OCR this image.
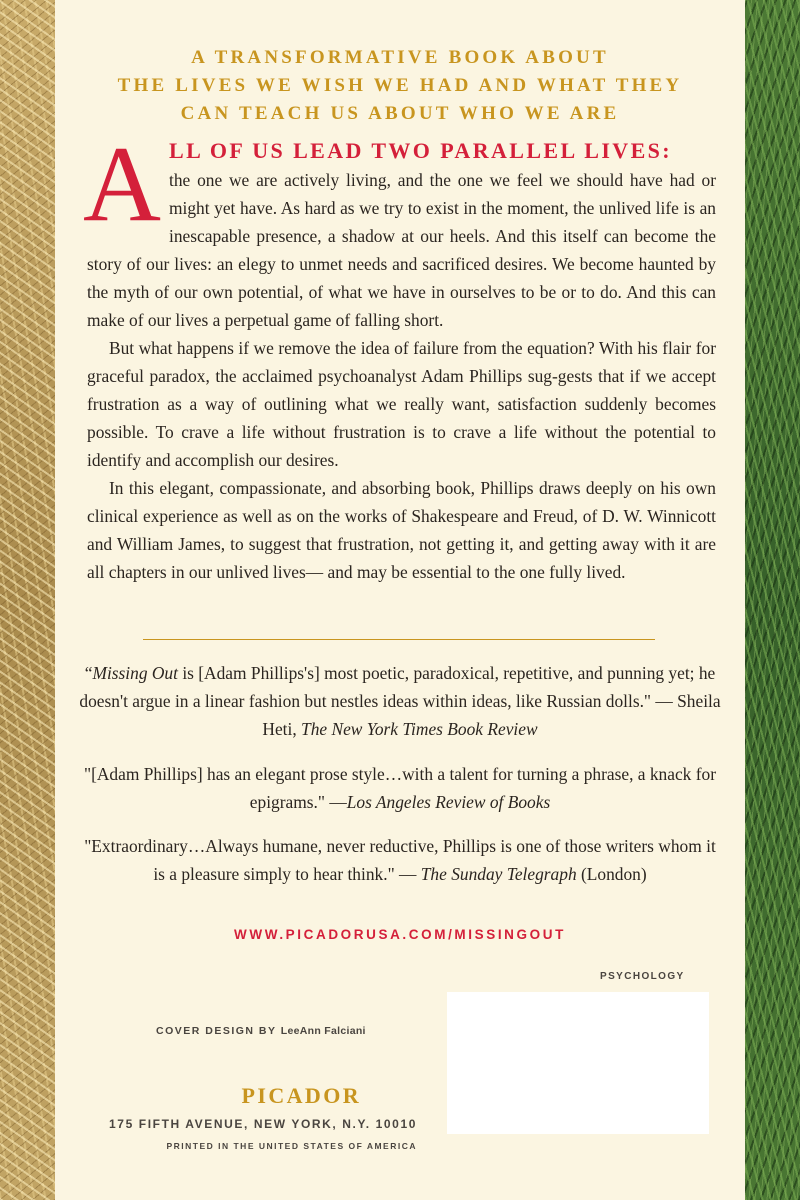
A TRANSFORMATIVE BOOK ABOUT
THE LIVES WE WISH WE HAD AND WHAT THEY
CAN TEACH US ABOUT WHO WE ARE
A LL OF US LEAD TWO PARALLEL LIVES:

the one we are actively living, and the one we feel we should have had or might yet have. As hard as we try to exist in the moment, the unlived life is an inescapable presence, a shadow at our heels. And this itself can become the story of our lives: an elegy to unmet needs and sacrificed desires. We become haunted by the myth of our own potential, of what we have in ourselves to be or to do. And this can make of our lives a perpetual game of falling short.

But what happens if we remove the idea of failure from the equation? With his flair for graceful paradox, the acclaimed psychoanalyst Adam Phillips sug-gests that if we accept frustration as a way of outlining what we really want, satisfaction suddenly becomes possible. To crave a life without frustration is to crave a life without the potential to identify and accomplish our desires.

In this elegant, compassionate, and absorbing book, Phillips draws deeply on his own clinical experience as well as on the works of Shakespeare and Freud, of D. W. Winnicott and William James, to suggest that frustration, not getting it, and getting away with it are all chapters in our unlived lives— and may be essential to the one fully lived.

“Missing Out is [Adam Phillips's] most poetic, paradoxical, repetitive, and punning yet; he doesn't argue in a linear fashion but nestles ideas within ideas, like Russian dolls." — Sheila Heti, The New York Times Book Review
"[Adam Phillips] has an elegant prose style…with a talent for turning a phrase, a knack for epigrams." —Los Angeles Review of Books
"Extraordinary…Always humane, never reductive, Phillips is one of those writers whom it is a pleasure simply to hear think." — The Sunday Telegraph (London)
WWW.PICADORUSA.COM/MISSINGOUT
PSYCHOLOGY
COVER DESIGN BY LeeAnn Falciani
PICADOR
175 FIFTH AVENUE, NEW YORK, N.Y. 10010
PRINTED IN THE UNITED STATES OF AMERICA
